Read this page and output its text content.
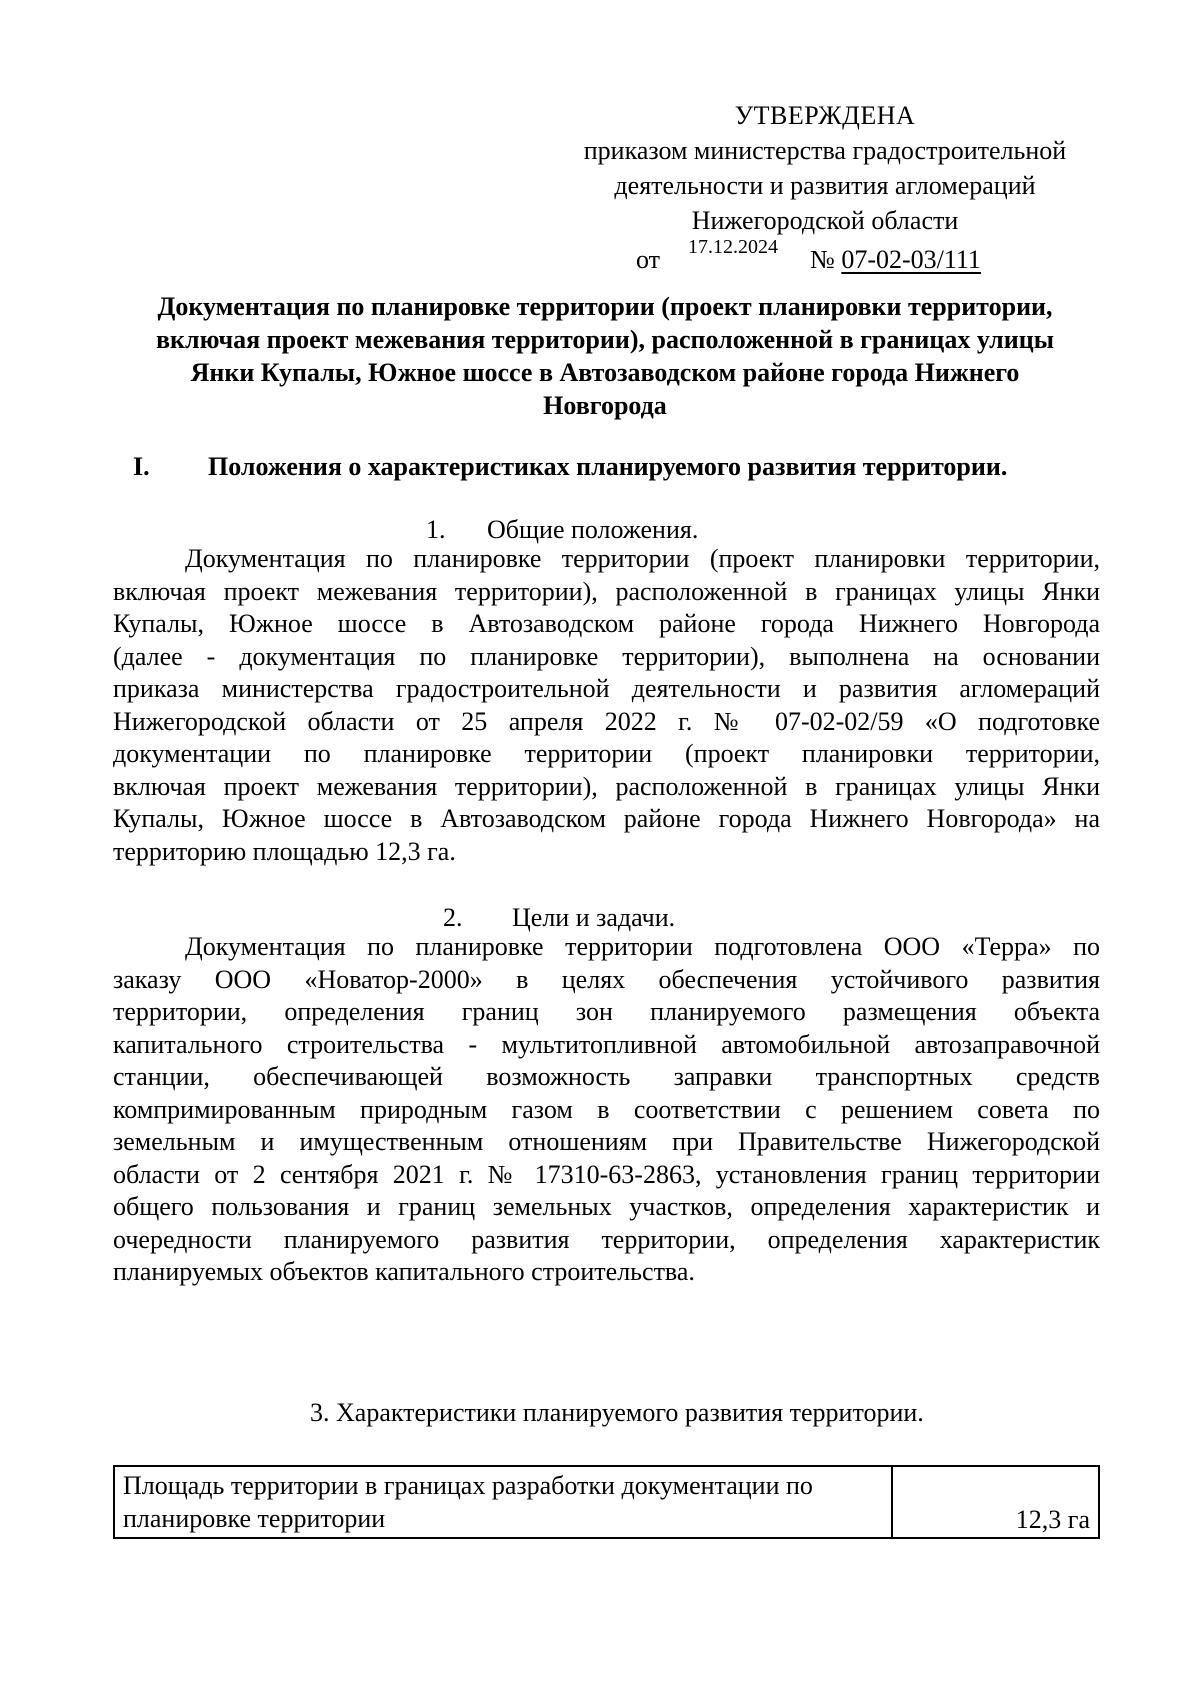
УТВЕРЖДЕНА
приказом министерства градостроительной
деятельности и развития агломераций
Нижегородской области
от 17.12.2024 № 07-02-03/111

Документация по планировке территории (проект планировки территории,

включая проект межевания территории), расположенной в границах улицы

Янки Купалы, Южное шоссе в Автозаводском районе города Нижнего

Новгорода

I. Положения о характеристиках планируемого развития территории.
1. Общие положения.
Документация по планировке территории (проект планировки территории,
включая проект межевания территории), расположенной в границах улицы Янки
Купалы, Южное шоссе в Автозаводском районе города Нижнего Новгорода
(далее - документация по планировке территории), выполнена на основании
приказа министерства градостроительной деятельности и развития агломераций
Нижегородской области от 25 апреля 2022 г. № 07-02-02/59 «О подготовке
документации по планировке территории (проект планировки территории,
включая проект межевания территории), расположенной в границах улицы Янки
Купалы, Южное шоссе в Автозаводском районе города Нижнего Новгорода» на
территорию площадью 12,3 га.
2. Цели и задачи.
Документация по планировке территории подготовлена ООО «Терра» по
заказу ООО «Новатор-2000» в целях обеспечения устойчивого развития
территории, определения границ зон планируемого размещения объекта
капитального строительства - мультитопливной автомобильной автозаправочной
станции, обеспечивающей возможность заправки транспортных средств
компримированным природным газом в соответствии с решением совета по
земельным и имущественным отношениям при Правительстве Нижегородской
области от 2 сентября 2021 г. № 17310-63-2863, установления границ территории
общего пользования и границ земельных участков, определения характеристик и
очередности планируемого развития территории, определения характеристик
планируемых объектов капитального строительства.
3. Характеристики планируемого развития территории.
Площадь территории в границах разработки документации по
планировке территории	12,3 га
